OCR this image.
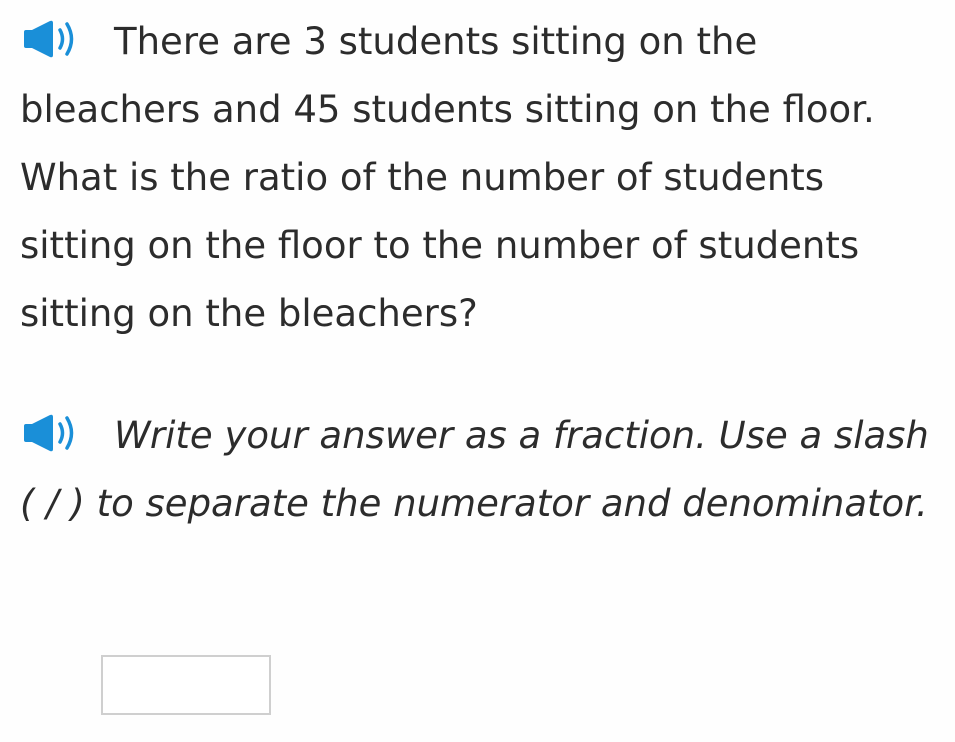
There are 3 students sitting on the bleachers and 45 students sitting on the floor. What is the ratio of the number of students sitting on the floor to the number of students sitting on the bleachers?
Write your answer as a fraction. Use a slash ( / ) to separate the numerator and denominator.
